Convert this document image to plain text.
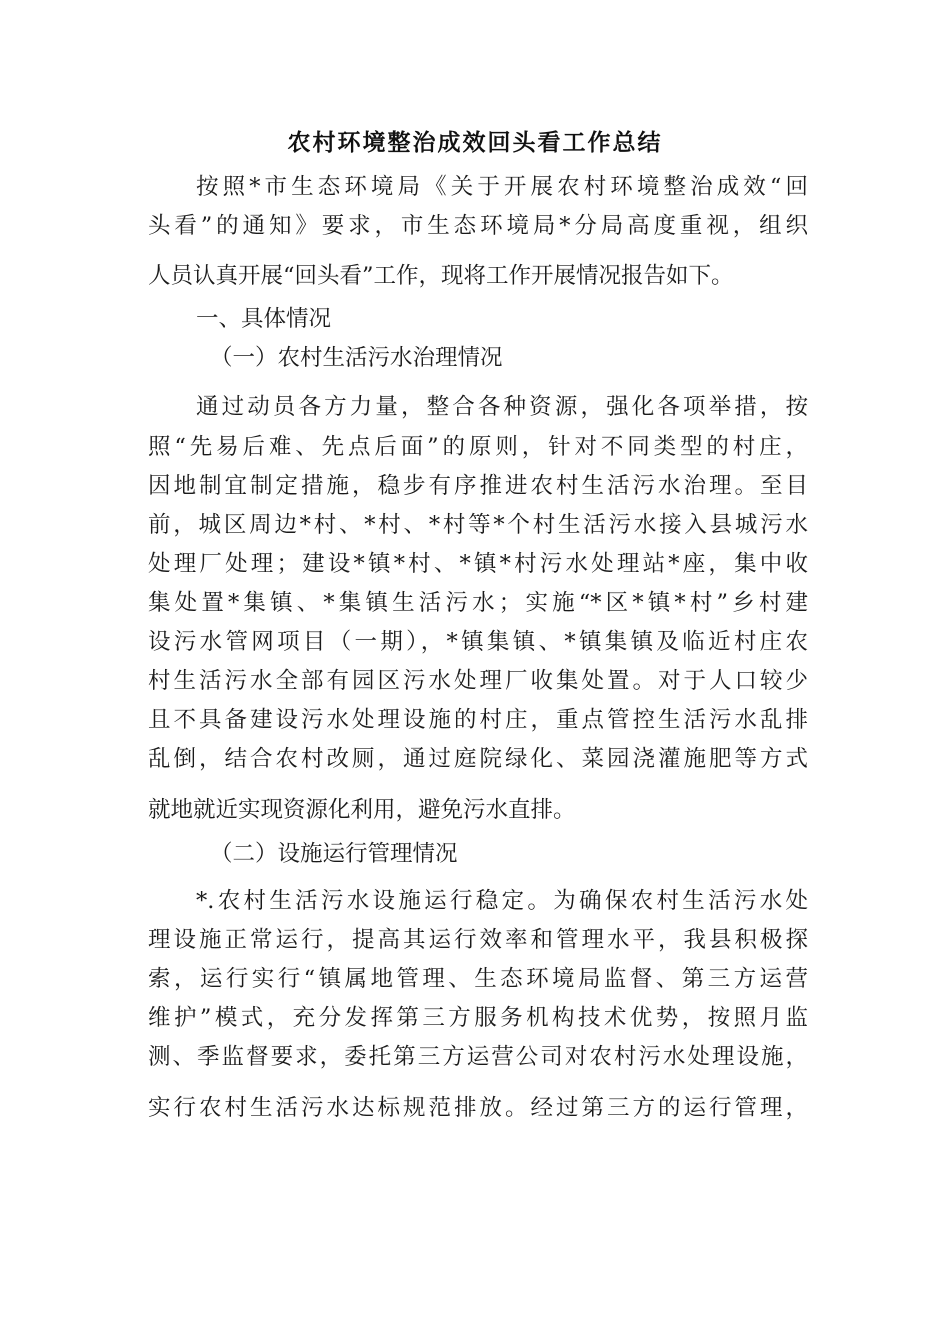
农村环境整治成效回头看工作总结
按照*市生态环境局《关于开展农村环境整治成效“回
头看”的通知》要求，市生态环境局*分局高度重视，组织
人员认真开展“回头看”工作，现将工作开展情况报告如下。
一、具体情况
（一）农村生活污水治理情况
通过动员各方力量，整合各种资源，强化各项举措，按
照“先易后难、先点后面”的原则，针对不同类型的村庄，
因地制宜制定措施，稳步有序推进农村生活污水治理。至目
前，城区周边*村、*村、*村等*个村生活污水接入县城污水
处理厂处理；建设*镇*村、*镇*村污水处理站*座，集中收
集处置*集镇、*集镇生活污水；实施“*区*镇*村”乡村建
设污水管网项目（一期），*镇集镇、*镇集镇及临近村庄农
村生活污水全部有园区污水处理厂收集处置。对于人口较少
且不具备建设污水处理设施的村庄，重点管控生活污水乱排
乱倒，结合农村改厕，通过庭院绿化、菜园浇灌施肥等方式
就地就近实现资源化利用，避免污水直排。
（二）设施运行管理情况
*.农村生活污水设施运行稳定。为确保农村生活污水处
理设施正常运行，提高其运行效率和管理水平，我县积极探
索，运行实行“镇属地管理、生态环境局监督、第三方运营
维护”模式，充分发挥第三方服务机构技术优势，按照月监
测、季监督要求，委托第三方运营公司对农村污水处理设施，
实行农村生活污水达标规范排放。经过第三方的运行管理，
